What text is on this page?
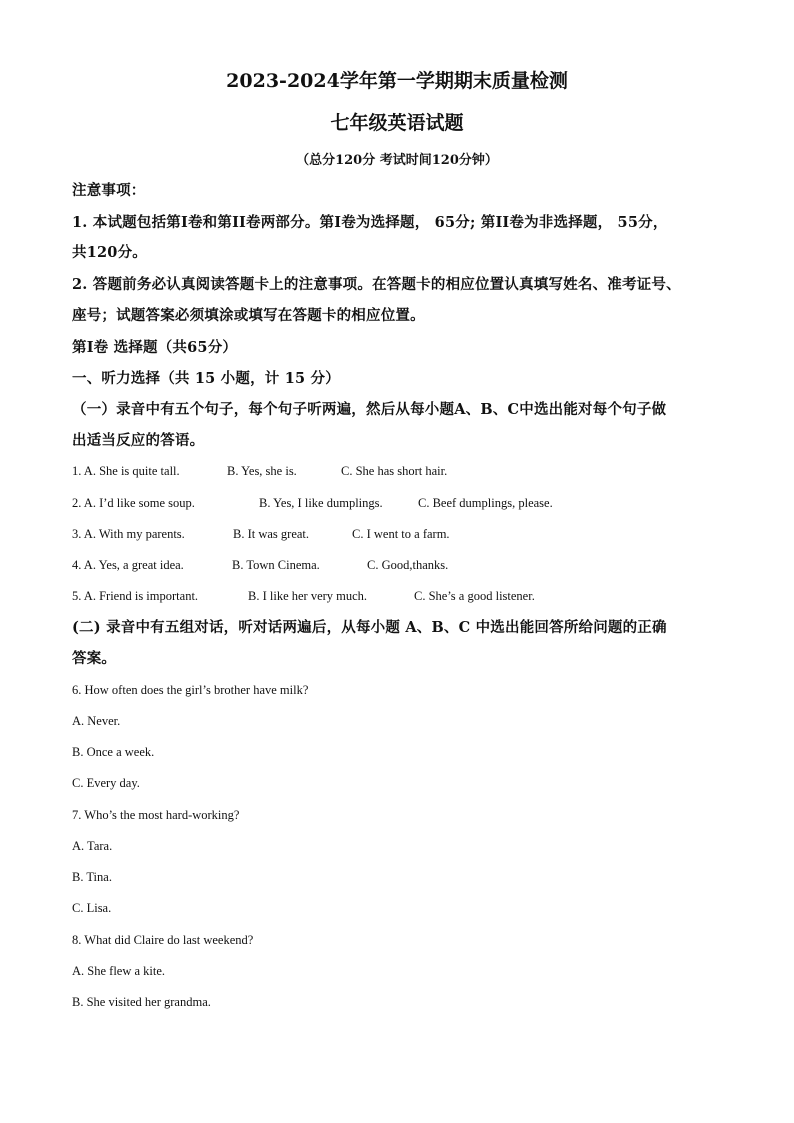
2023-2024学年第一学期期末质量检测
七年级英语试题
（总分120分 考试时间120分钟）
注意事项：
1. 本试题包括第I卷和第II卷两部分。第I卷为选择题， 65分; 第II卷为非选择题， 55分，
共120分。
2. 答题前务必认真阅读答题卡上的注意事项。在答题卡的相应位置认真填写姓名、准考证号、
座号；试题答案必须填涂或填写在答题卡的相应位置。
第I卷 选择题（共65分）
一、听力选择（共 15 小题，计 15 分）
（一）录音中有五个句子，每个句子听两遍，然后从每小题A、B、C中选出能对每个句子做
出适当反应的答语。
1. A. She is quite tall.	B. Yes, she is.	C. She has short hair.
2. A. I’d like some soup.	B. Yes, I like dumplings.	C. Beef dumplings, please.
3. A. With my parents.	B. It was great.	C. I went to a farm.
4. A. Yes, a great idea.	B. Town Cinema.	C. Good,thanks.
5. A. Friend is important.	B. I like her very much.	C. She’s a good listener.
(二) 录音中有五组对话，听对话两遍后，从每小题 A、B、C 中选出能回答所给问题的正确
答案。
6. How often does the girl’s brother have milk?
A. Never.
B. Once a week.
C. Every day.
7. Who’s the most hard-working?
A. Tara.
B. Tina.
C. Lisa.
8. What did Claire do last weekend?
A. She flew a kite.
B. She visited her grandma.
